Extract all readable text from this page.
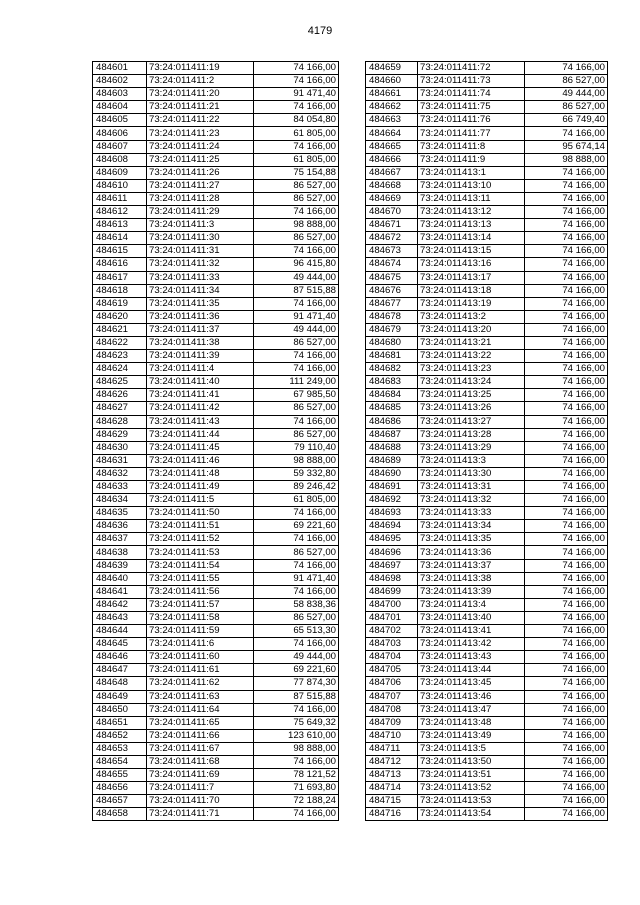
4179
484601	73:24:011411:19	74 166,00
484602	73:24:011411:2	74 166,00
484603	73:24:011411:20	91 471,40
484604	73:24:011411:21	74 166,00
484605	73:24:011411:22	84 054,80
484606	73:24:011411:23	61 805,00
484607	73:24:011411:24	74 166,00
484608	73:24:011411:25	61 805,00
484609	73:24:011411:26	75 154,88
484610	73:24:011411:27	86 527,00
484611	73:24:011411:28	86 527,00
484612	73:24:011411:29	74 166,00
484613	73:24:011411:3	98 888,00
484614	73:24:011411:30	86 527,00
484615	73:24:011411:31	74 166,00
484616	73:24:011411:32	96 415,80
484617	73:24:011411:33	49 444,00
484618	73:24:011411:34	87 515,88
484619	73:24:011411:35	74 166,00
484620	73:24:011411:36	91 471,40
484621	73:24:011411:37	49 444,00
484622	73:24:011411:38	86 527,00
484623	73:24:011411:39	74 166,00
484624	73:24:011411:4	74 166,00
484625	73:24:011411:40	111 249,00
484626	73:24:011411:41	67 985,50
484627	73:24:011411:42	86 527,00
484628	73:24:011411:43	74 166,00
484629	73:24:011411:44	86 527,00
484630	73:24:011411:45	79 110,40
484631	73:24:011411:46	98 888,00
484632	73:24:011411:48	59 332,80
484633	73:24:011411:49	89 246,42
484634	73:24:011411:5	61 805,00
484635	73:24:011411:50	74 166,00
484636	73:24:011411:51	69 221,60
484637	73:24:011411:52	74 166,00
484638	73:24:011411:53	86 527,00
484639	73:24:011411:54	74 166,00
484640	73:24:011411:55	91 471,40
484641	73:24:011411:56	74 166,00
484642	73:24:011411:57	58 838,36
484643	73:24:011411:58	86 527,00
484644	73:24:011411:59	65 513,30
484645	73:24:011411:6	74 166,00
484646	73:24:011411:60	49 444,00
484647	73:24:011411:61	69 221,60
484648	73:24:011411:62	77 874,30
484649	73:24:011411:63	87 515,88
484650	73:24:011411:64	74 166,00
484651	73:24:011411:65	75 649,32
484652	73:24:011411:66	123 610,00
484653	73:24:011411:67	98 888,00
484654	73:24:011411:68	74 166,00
484655	73:24:011411:69	78 121,52
484656	73:24:011411:7	71 693,80
484657	73:24:011411:70	72 188,24
484658	73:24:011411:71	74 166,00
484659	73:24:011411:72	74 166,00
484660	73:24:011411:73	86 527,00
484661	73:24:011411:74	49 444,00
484662	73:24:011411:75	86 527,00
484663	73:24:011411:76	66 749,40
484664	73:24:011411:77	74 166,00
484665	73:24:011411:8	95 674,14
484666	73:24:011411:9	98 888,00
484667	73:24:011413:1	74 166,00
484668	73:24:011413:10	74 166,00
484669	73:24:011413:11	74 166,00
484670	73:24:011413:12	74 166,00
484671	73:24:011413:13	74 166,00
484672	73:24:011413:14	74 166,00
484673	73:24:011413:15	74 166,00
484674	73:24:011413:16	74 166,00
484675	73:24:011413:17	74 166,00
484676	73:24:011413:18	74 166,00
484677	73:24:011413:19	74 166,00
484678	73:24:011413:2	74 166,00
484679	73:24:011413:20	74 166,00
484680	73:24:011413:21	74 166,00
484681	73:24:011413:22	74 166,00
484682	73:24:011413:23	74 166,00
484683	73:24:011413:24	74 166,00
484684	73:24:011413:25	74 166,00
484685	73:24:011413:26	74 166,00
484686	73:24:011413:27	74 166,00
484687	73:24:011413:28	74 166,00
484688	73:24:011413:29	74 166,00
484689	73:24:011413:3	74 166,00
484690	73:24:011413:30	74 166,00
484691	73:24:011413:31	74 166,00
484692	73:24:011413:32	74 166,00
484693	73:24:011413:33	74 166,00
484694	73:24:011413:34	74 166,00
484695	73:24:011413:35	74 166,00
484696	73:24:011413:36	74 166,00
484697	73:24:011413:37	74 166,00
484698	73:24:011413:38	74 166,00
484699	73:24:011413:39	74 166,00
484700	73:24:011413:4	74 166,00
484701	73:24:011413:40	74 166,00
484702	73:24:011413:41	74 166,00
484703	73:24:011413:42	74 166,00
484704	73:24:011413:43	74 166,00
484705	73:24:011413:44	74 166,00
484706	73:24:011413:45	74 166,00
484707	73:24:011413:46	74 166,00
484708	73:24:011413:47	74 166,00
484709	73:24:011413:48	74 166,00
484710	73:24:011413:49	74 166,00
484711	73:24:011413:5	74 166,00
484712	73:24:011413:50	74 166,00
484713	73:24:011413:51	74 166,00
484714	73:24:011413:52	74 166,00
484715	73:24:011413:53	74 166,00
484716	73:24:011413:54	74 166,00
